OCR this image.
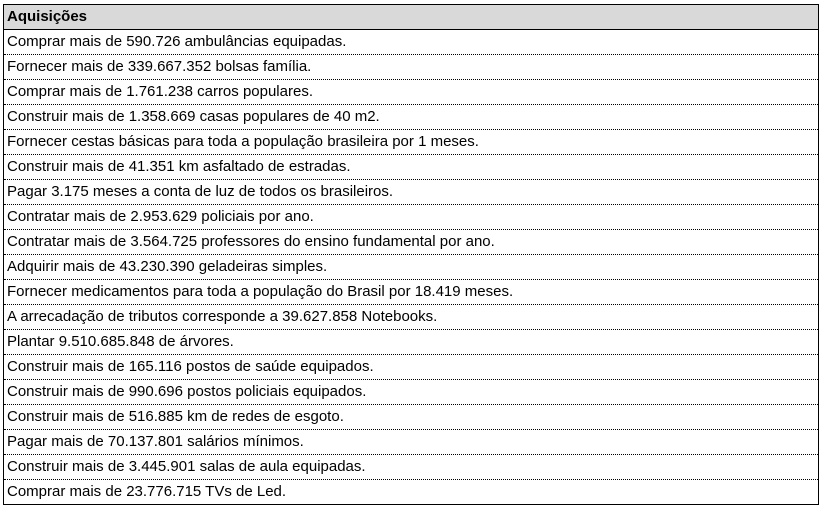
Aquisições
Comprar mais de 590.726 ambulâncias equipadas.
Fornecer mais de 339.667.352 bolsas família.
Comprar mais de 1.761.238 carros populares.
Construir mais de 1.358.669 casas populares de 40 m2.
Fornecer cestas básicas para toda a população brasileira por 1 meses.
Construir mais de 41.351 km asfaltado de estradas.
Pagar 3.175 meses a conta de luz de todos os brasileiros.
Contratar mais de 2.953.629 policiais por ano.
Contratar mais de 3.564.725 professores do ensino fundamental por ano.
Adquirir mais de 43.230.390 geladeiras simples.
Fornecer medicamentos para toda a população do Brasil por 18.419 meses.
A arrecadação de tributos corresponde a 39.627.858 Notebooks.
Plantar 9.510.685.848 de árvores.
Construir mais de 165.116 postos de saúde equipados.
Construir mais de 990.696 postos policiais equipados.
Construir mais de 516.885 km de redes de esgoto.
Pagar mais de 70.137.801 salários mínimos.
Construir mais de 3.445.901 salas de aula equipadas.
Comprar mais de 23.776.715 TVs de Led.
